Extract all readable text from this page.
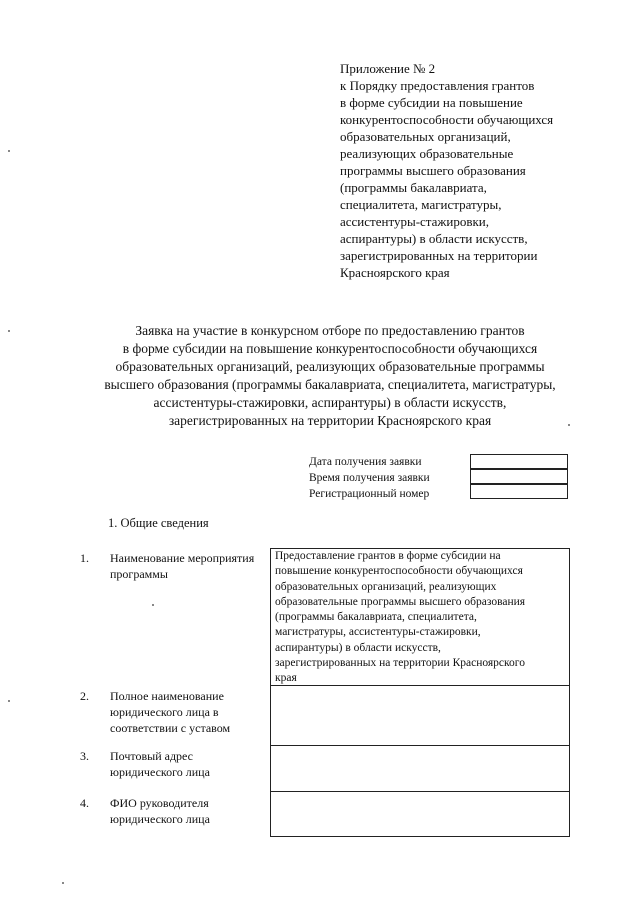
Приложение № 2
к Порядку предоставления грантов
в форме субсидии на повышение
конкурентоспособности обучающихся
образовательных организаций,
реализующих образовательные
программы высшего образования
(программы бакалавриата,
специалитета, магистратуры,
ассистентуры-стажировки,
аспирантуры) в области искусств,
зарегистрированных на территории
Красноярского края
Заявка на участие в конкурсном отборе по предоставлению грантов
в форме субсидии на повышение конкурентоспособности обучающихся
образовательных организаций, реализующих образовательные программы
высшего образования (программы бакалавриата, специалитета, магистратуры,
ассистентуры-стажировки, аспирантуры) в области искусств,
зарегистрированных на территории Красноярского края
Дата получения заявки
Время получения заявки
Регистрационный номер
1. Общие сведения
1. Наименование мероприятия
программы
Предоставление грантов в форме субсидии на
повышение конкурентоспособности обучающихся
образовательных организаций, реализующих
образовательные программы высшего образования
(программы бакалавриата, специалитета,
магистратуры, ассистентуры-стажировки,
аспирантуры) в области искусств,
зарегистрированных на территории Красноярского
края
2. Полное наименование
юридического лица в
соответствии с уставом
3. Почтовый адрес
юридического лица
4. ФИО руководителя
юридического лица
